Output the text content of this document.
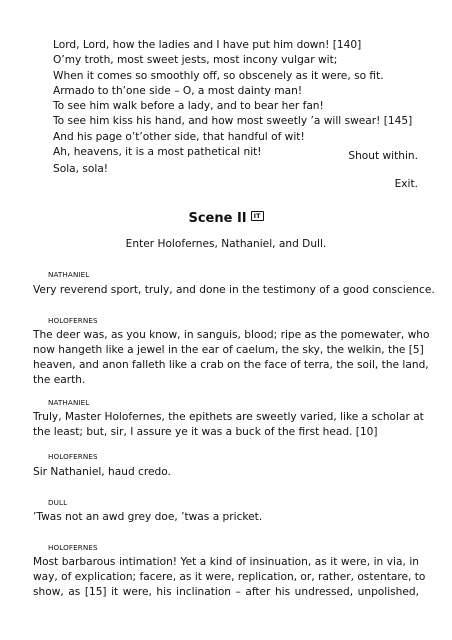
Lord, Lord, how the ladies and I have put him down! [140]
O’my troth, most sweet jests, most incony vulgar wit;
When it comes so smoothly off, so obscenely as it were, so fit.
Armado to th’one side – O, a most dainty man!
To see him walk before a lady, and to bear her fan!
To see him kiss his hand, and how most sweetly ’a will swear! [145]
And his page o’t’other side, that handful of wit!
Ah, heavens, it is a most pathetical nit!	Shout within.
Sola, sola!
Exit.
Scene II IT
Enter Holofernes, Nathaniel, and Dull.
NATHANIEL
Very reverend sport, truly, and done in the testimony of a good conscience.
HOLOFERNES
The deer was, as you know, in sanguis, blood; ripe as the pomewater, who
now hangeth like a jewel in the ear of caelum, the sky, the welkin, the [5]
heaven, and anon falleth like a crab on the face of terra, the soil, the land,
the earth.
NATHANIEL
Truly, Master Holofernes, the epithets are sweetly varied, like a scholar at
the least; but, sir, I assure ye it was a buck of the first head. [10]
HOLOFERNES
Sir Nathaniel, haud credo.
DULL
’Twas not an awd grey doe, ’twas a pricket.
HOLOFERNES
Most barbarous intimation! Yet a kind of insinuation, as it were, in via, in
way, of explication; facere, as it were, replication, or, rather, ostentare, to
show, as [15] it were, his inclination – after his undressed, unpolished,
